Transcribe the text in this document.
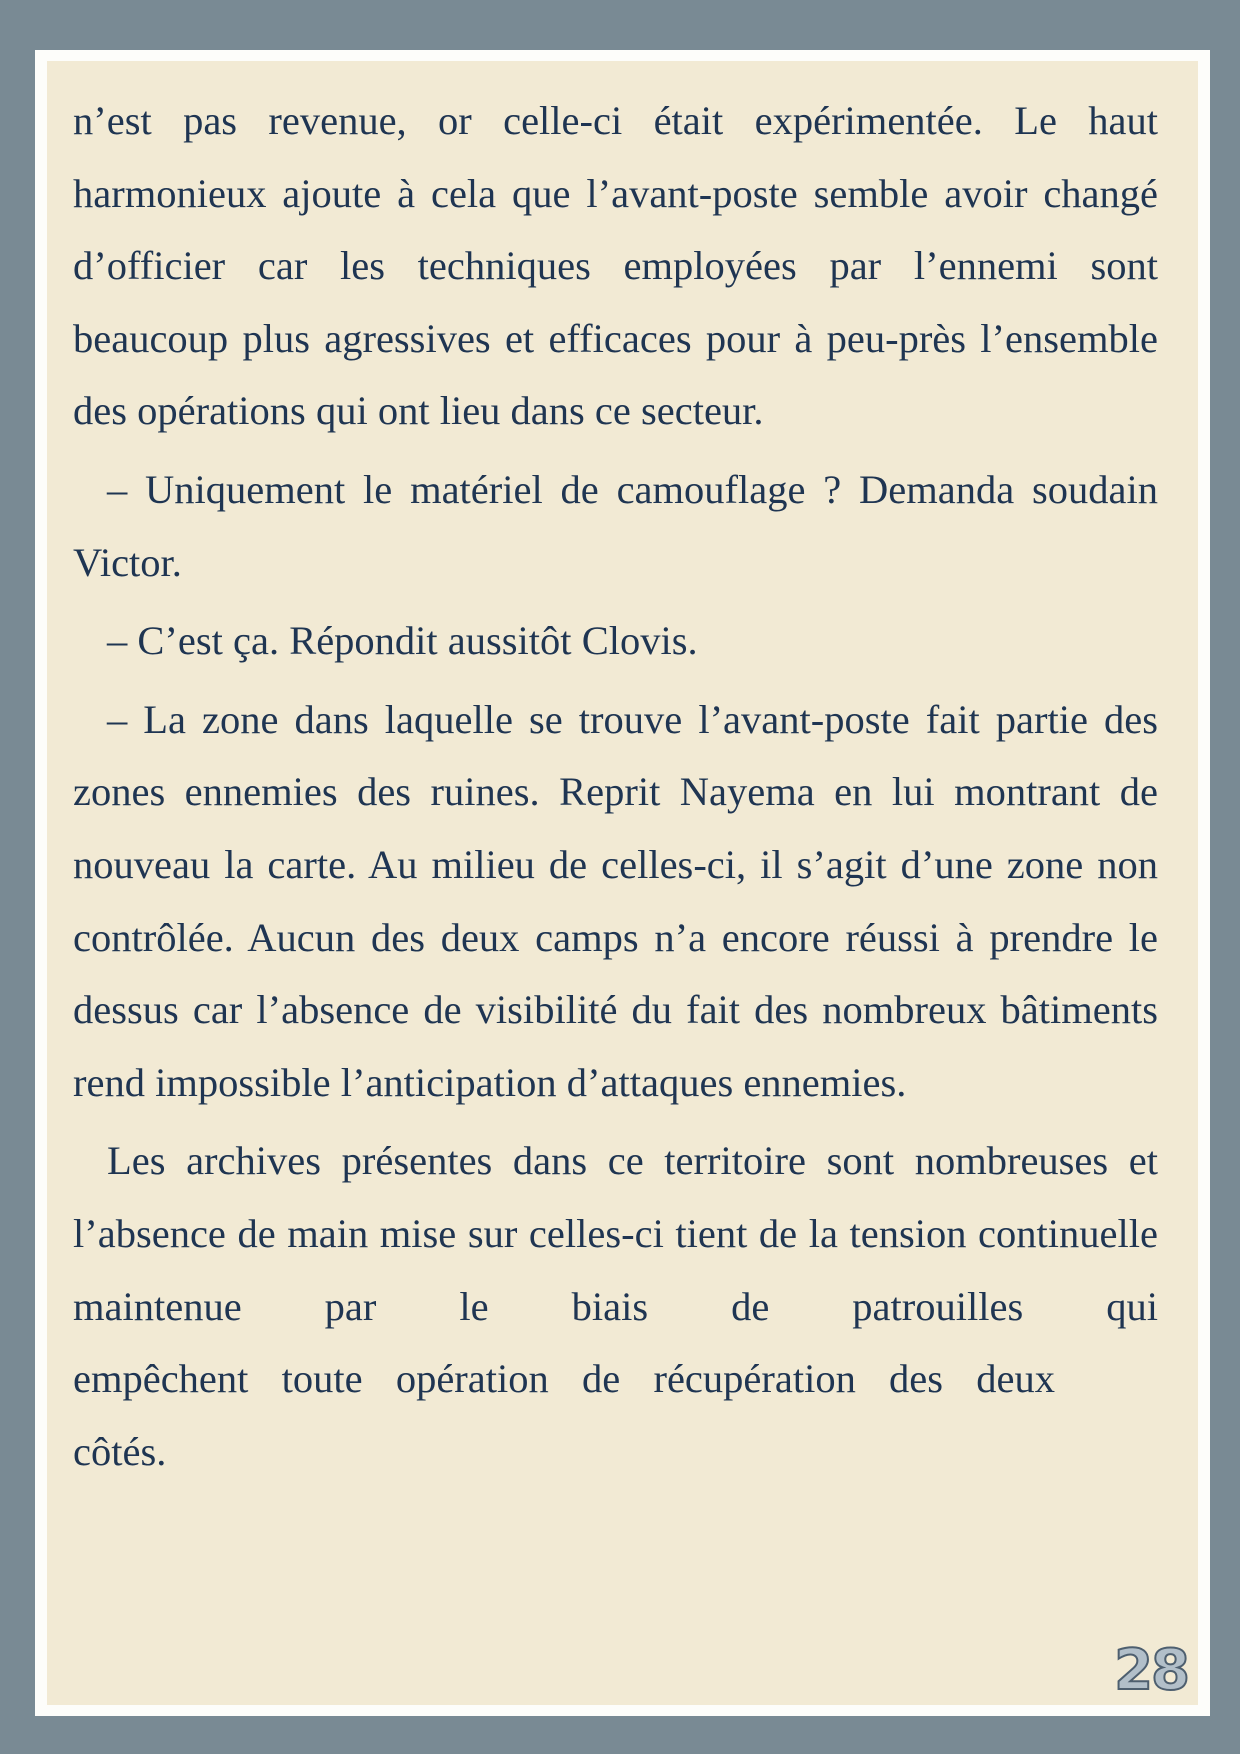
n’est pas revenue, or celle-ci était expérimentée. Le haut harmonieux ajoute à cela que l’avant-poste semble avoir changé d’officier car les techniques employées par l’ennemi sont beaucoup plus agressives et efficaces pour à peu-près l’ensemble des opérations qui ont lieu dans ce secteur.

– Uniquement le matériel de camouflage ? Demanda soudain Victor.

– C’est ça. Répondit aussitôt Clovis.

– La zone dans laquelle se trouve l’avant-poste fait partie des zones ennemies des ruines. Reprit Nayema en lui montrant de nouveau la carte. Au milieu de celles-ci, il s’agit d’une zone non contrôlée. Aucun des deux camps n’a encore réussi à prendre le dessus car l’absence de visibilité du fait des nombreux bâtiments rend impossible l’anticipation d’attaques ennemies.

Les archives présentes dans ce territoire sont nombreuses et l’absence de main mise sur celles-ci tient de la tension continuelle maintenue par le biais de patrouilles qui
empêchent toute opération de récupération des deux
côtés.
28
